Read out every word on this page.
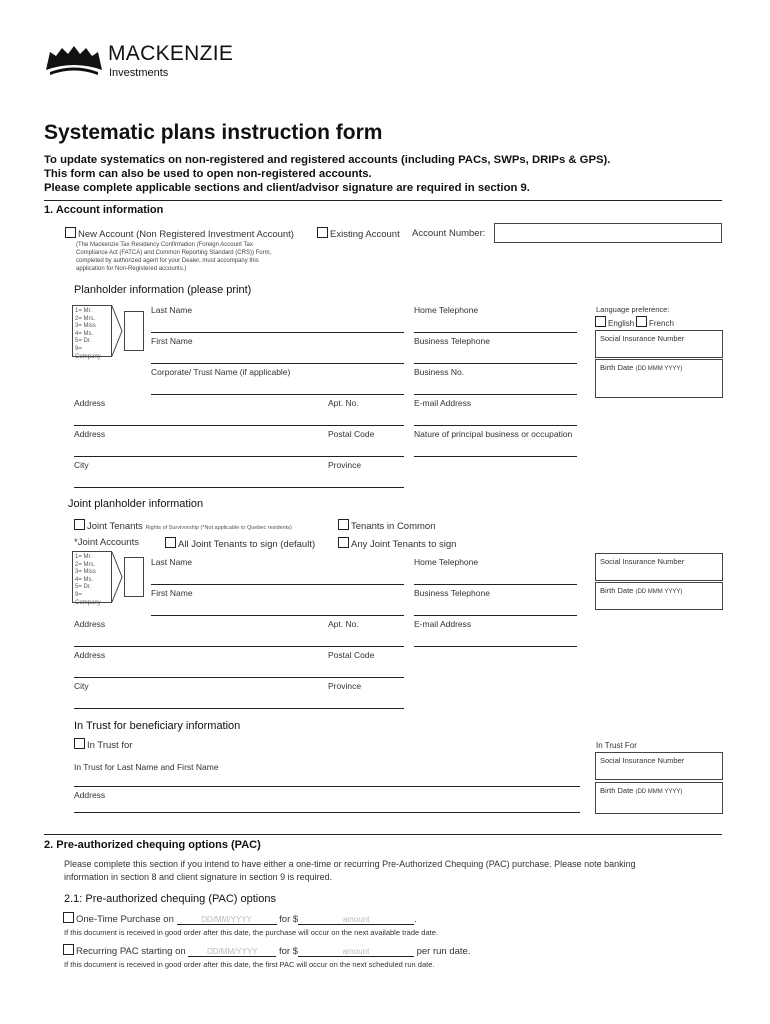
MACKENZIE
Investments
Systematic plans instruction form
To update systematics on non-registered and registered accounts (including PACs, SWPs, DRIPs & GPS).
This form can also be used to open non-registered accounts.
Please complete applicable sections and client/advisor signature are required in section 9.
1. Account information
New Account (Non Registered Investment Account)	Existing Account Account Number:
(The Mackenzie Tax Residency Confirmation (Foreign Account Tax
Compliance Act (FATCA) and Common Reporting Standard (CRS)) Form,
completed by authorized agent for your Dealer, must accompany this
application for Non-Registered accounts.)
Planholder information (please print)
1= Mr.
2= Mrs.
3= Miss
4= Ms.
5= Dr.
9= Company
Last Name
First Name
Corporate/ Trust Name (if applicable)
Home Telephone
Business Telephone
Business No.
Language preference:
English	French
Social Insurance Number
Birth Date (DD MMM YYYY)
Address	Apt. No.	E-mail Address
Address	Postal Code	Nature of principal business or occupation
City	Province
Joint planholder information
Joint Tenants Rights of Survivorship (*Not applicable to Quebec residents)	Tenants in Common
*Joint Accounts	All Joint Tenants to sign (default)	Any Joint Tenants to sign
1= Mr.
2= Mrs.
3= Miss
4= Ms.
5= Dr.
9= Company
Last Name
First Name
Home Telephone
Business Telephone
Social Insurance Number
Birth Date (DD MMM YYYY)
Address	Apt. No.	E-mail Address
Address	Postal Code
City	Province
In Trust for beneficiary information
In Trust for	In Trust For
In Trust for Last Name and First Name
Address
Social Insurance Number
Birth Date (DD MMM YYYY)
2. Pre-authorized chequing options (PAC)
Please complete this section if you intend to have either a one-time or recurring Pre-Authorized Chequing (PAC) purchase. Please note banking
information in section 8 and client signature in section 9 is required.
2.1: Pre-authorized chequing (PAC) options
One-Time Purchase on	DD/MM/YYYY	for $	amount	.
If this document is received in good order after this date, the purchase will occur on the next available trade date.
Recurring PAC starting on	DD/MM/YYYY for $	amount	per run date.
If this document is received in good order after this date, the first PAC will occur on the next scheduled run date.
